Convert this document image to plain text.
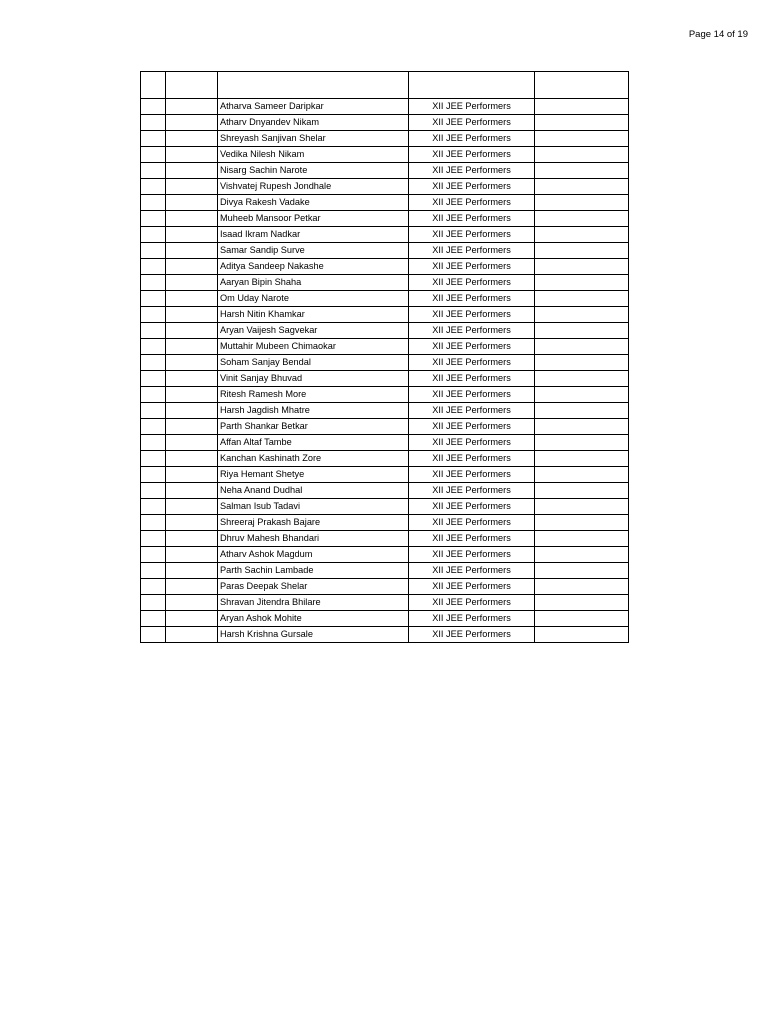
Page 14 of 19

		Atharva Sameer Daripkar	XII JEE Performers	
		Atharv Dnyandev Nikam	XII JEE Performers	
		Shreyash Sanjivan Shelar	XII JEE Performers	
		Vedika Nilesh Nikam	XII JEE Performers	
		Nisarg Sachin Narote	XII JEE Performers	
		Vishvatej Rupesh Jondhale	XII JEE Performers	
		Divya Rakesh Vadake	XII JEE Performers	
		Muheeb Mansoor Petkar	XII JEE Performers	
		Isaad Ikram Nadkar	XII JEE Performers	
		Samar Sandip Surve	XII JEE Performers	
		Aditya Sandeep Nakashe	XII JEE Performers	
		Aaryan Bipin Shaha	XII JEE Performers	
		Om Uday Narote	XII JEE Performers	
		Harsh Nitin Khamkar	XII JEE Performers	
		Aryan Vaijesh Sagvekar	XII JEE Performers	
		Muttahir Mubeen Chimaokar	XII JEE Performers	
		Soham Sanjay Bendal	XII JEE Performers	
		Vinit Sanjay Bhuvad	XII JEE Performers	
		Ritesh Ramesh More	XII JEE Performers	
		Harsh Jagdish Mhatre	XII JEE Performers	
		Parth Shankar Betkar	XII JEE Performers	
		Affan Altaf Tambe	XII JEE Performers	
		Kanchan Kashinath Zore	XII JEE Performers	
		Riya Hemant Shetye	XII JEE Performers	
		Neha Anand Dudhal	XII JEE Performers	
		Salman Isub Tadavi	XII JEE Performers	
		Shreeraj Prakash Bajare	XII JEE Performers	
		Dhruv Mahesh Bhandari	XII JEE Performers	
		Atharv Ashok Magdum	XII JEE Performers	
		Parth Sachin Lambade	XII JEE Performers	
		Paras Deepak Shelar	XII JEE Performers	
		Shravan Jitendra Bhilare	XII JEE Performers	
		Aryan Ashok Mohite	XII JEE Performers	
		Harsh Krishna Gursale	XII JEE Performers	
